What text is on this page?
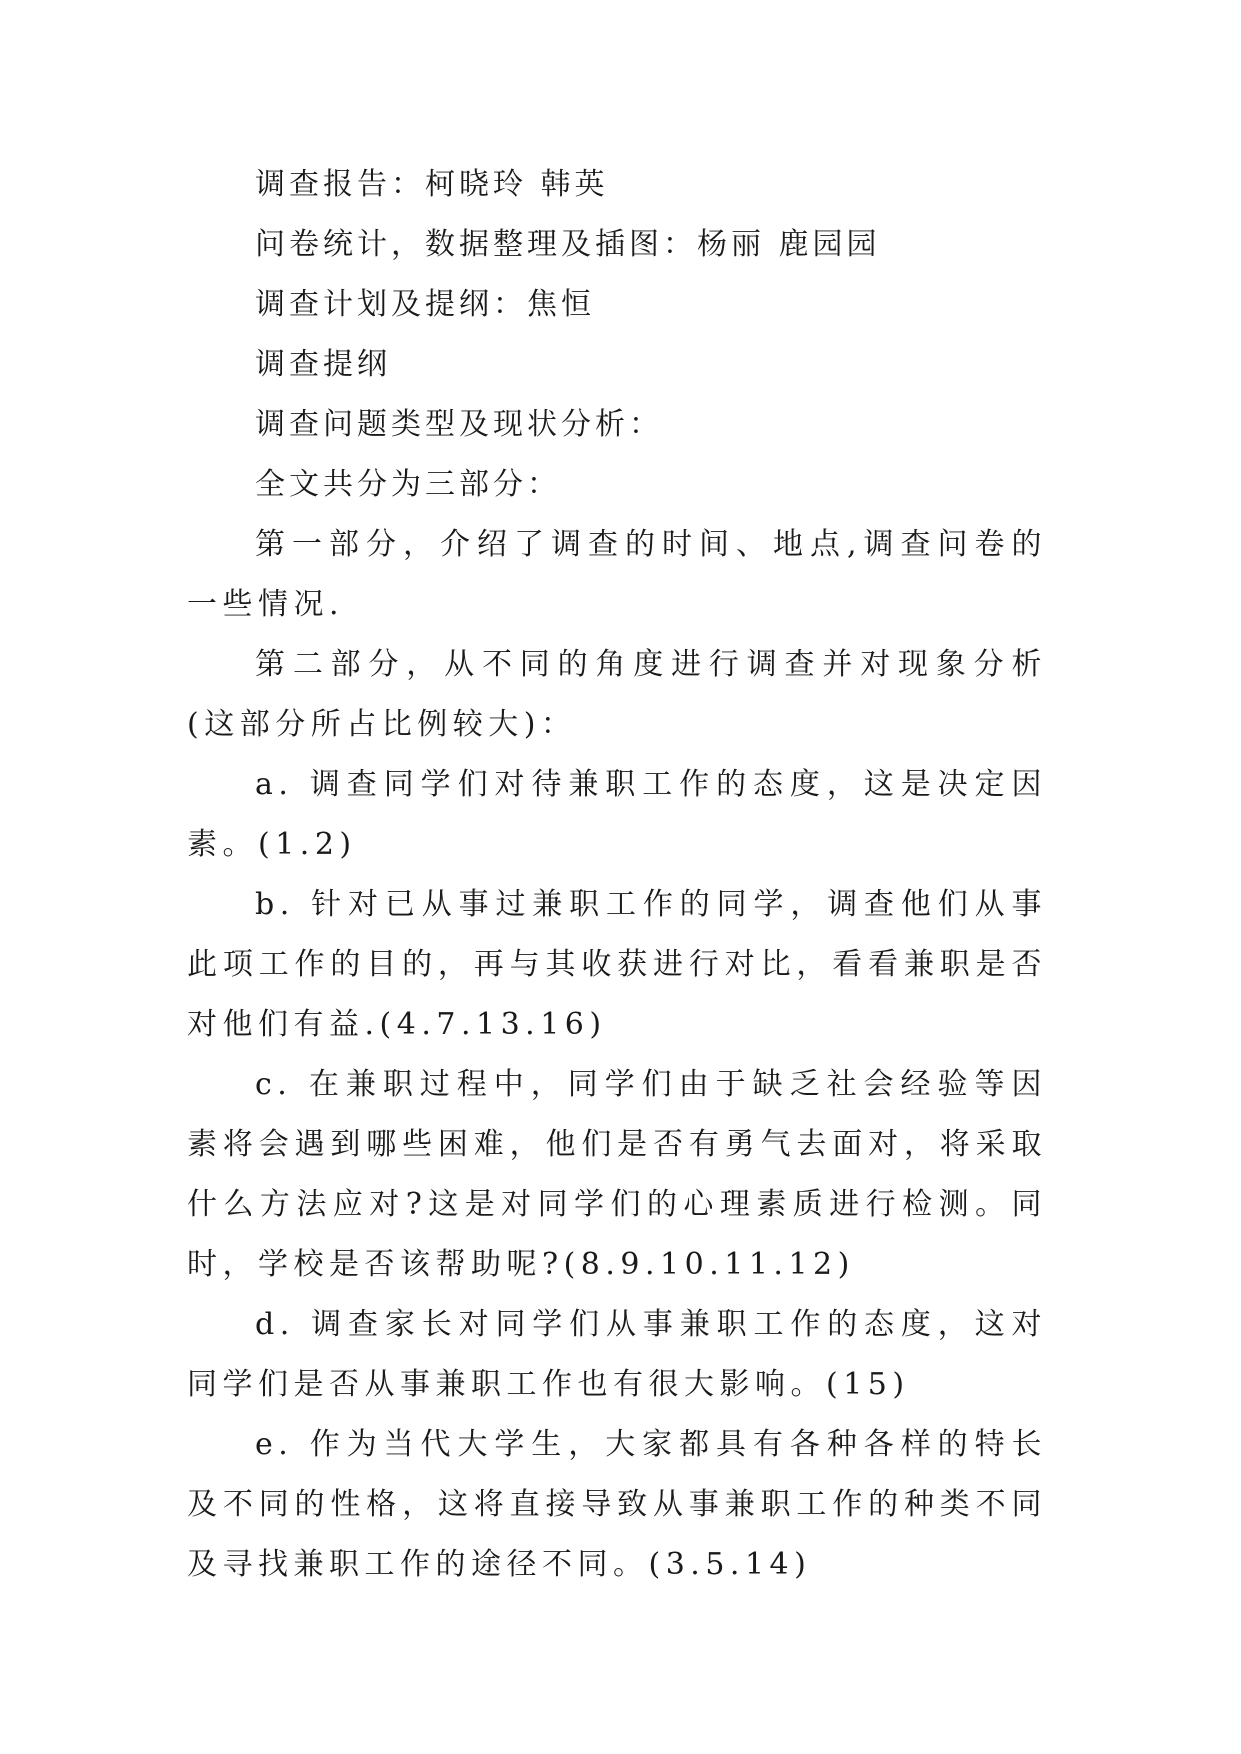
调查报告：柯晓玲 韩英

问卷统计，数据整理及插图：杨丽 鹿园园

调查计划及提纲：焦恒

调查提纲

调查问题类型及现状分析：

全文共分为三部分：

第一部分，介绍了调查的时间、地点,调查问卷的一些情况.

第二部分，从不同的角度进行调查并对现象分析(这部分所占比例较大)：

a. 调查同学们对待兼职工作的态度，这是决定因素。(1.2)

b. 针对已从事过兼职工作的同学，调查他们从事此项工作的目的，再与其收获进行对比，看看兼职是否对他们有益.(4.7.13.16)

c. 在兼职过程中，同学们由于缺乏社会经验等因素将会遇到哪些困难，他们是否有勇气去面对，将采取什么方法应对?这是对同学们的心理素质进行检测。同时，学校是否该帮助呢?(8.9.10.11.12)

d. 调查家长对同学们从事兼职工作的态度，这对同学们是否从事兼职工作也有很大影响。(15)

e. 作为当代大学生，大家都具有各种各样的特长及不同的性格，这将直接导致从事兼职工作的种类不同及寻找兼职工作的途径不同。(3.5.14)
